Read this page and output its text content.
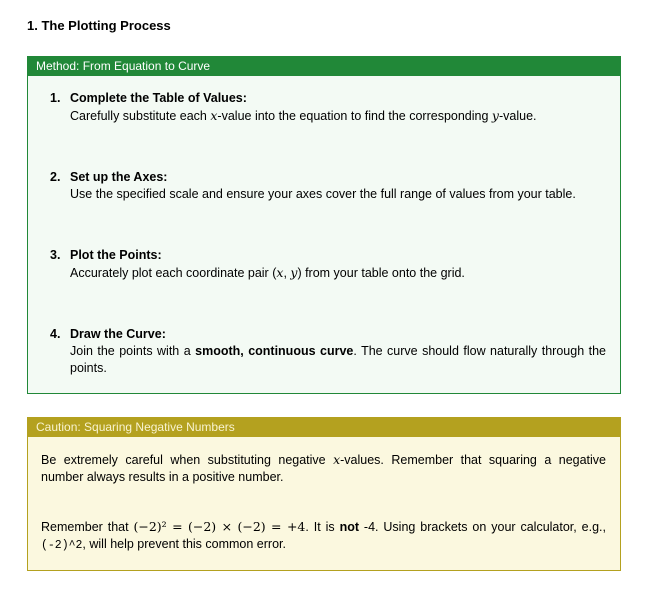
1. The Plotting Process
Method: From Equation to Curve
1. Complete the Table of Values:
Carefully substitute each x-value into the equation to find the corresponding y-value.
2. Set up the Axes:
Use the specified scale and ensure your axes cover the full range of values from your table.
3. Plot the Points:
Accurately plot each coordinate pair (x, y) from your table onto the grid.
4. Draw the Curve:
Join the points with a smooth, continuous curve. The curve should flow naturally through the points.
Caution: Squaring Negative Numbers

Be extremely careful when substituting negative x-values. Remember that squaring a negative number always results in a positive number.

Remember that (−2)² = (−2) × (−2) = +4. It is not -4. Using brackets on your calculator, e.g., (-2)^2, will help prevent this common error.
